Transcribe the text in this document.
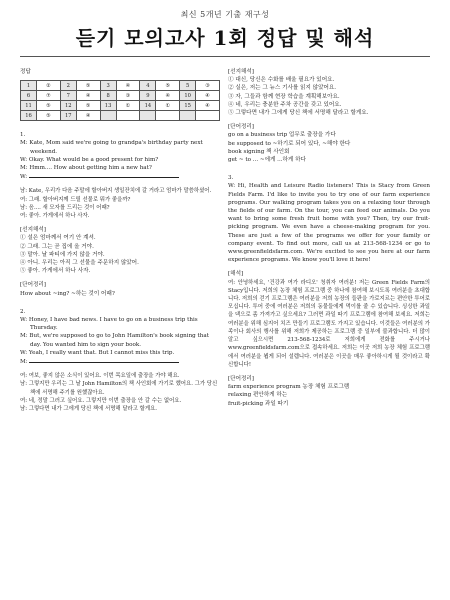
최신 5개년 기출 재구성
듣기 모의고사 1회 정답 및 해석
정답
1	②	2	⑤	3	④	4	⑤	5	③
6	⑦	7	④	8	③	9	④	10	④
11	⑤	12	⑤	13	①	14	①	15	④
16	⑤	17	④						
1.
M: Kate, Mom said we're going to grandpa's birthday party next weekend.
W: Okay. What would be a good present for him?
M: Hmm.... How about getting him a new hat?
W:
남: Kate, 우리가 다음 주말에 할아버지 생일잔치에 갈 거라고 엄마가 말씀하셨어.
여: 그래. 할아버지께 드릴 선물로 뭐가 좋을까?
남: 음.... 새 모자를 드리는 것이 어때?
여: 좋아. 가게에서 하나 사자.
[선지해석]
① 설은 엄마께서 여기 안 계셔.
② 그래. 그는 곧 집에 올 거야.
③ 말아. 날 파티에 가지 않을 거야.
④ 아니. 우리는 아직 그 선물을 주문하지 않았어.
⑤ 좋아. 가게에서 하나 사자.
[단어정리]
How about ~ing? ~하는 것이 어때?
2.
W: Honey, I have bad news. I have to go on a business trip this Thursday.
M: But, we're supposed to go to John Hamilton's book signing that day. You wanted him to sign your book.
W: Yeah, I really want that. But I cannot miss this trip.
M:
여: 여보, 좋지 않은 소식이 있어요. 이번 목요일에 출장을 가야 해요.
남: 그렇지만 우리는 그 날 John Hamilton의 책 사인회에 가기로 했어요. 그가 당신 책에 서명해 주기를 원했잖아요.
여: 네, 정말 그러고 싶어요. 그렇지만 이번 출장을 안 갈 수는 없어요.
남: 그렇다면 내가 그에게 당신 책에 서명해 달라고 할게요.
[선지해석]
① 대신, 당신은 수화를 배울 필요가 있어요.
② 실은, 저는 그 뉴스 기사를 읽지 않았어요.
③ 자, 그들과 함께 현장 학습을 계획해보아요.
④ 네, 우리는 충분한 주차 공간을 갖고 있어요.
⑤ 그렇다면 내가 그에게 당신 책에 서명해 달라고 할게요.
[단어정리]
go on a business trip 업무로 출장을 가다
be supposed to ~하기로 되어 있다, ~해야 한다
book signing 책 사인회
get ~ to ... ~에게 ...하게 하다
3.
W: Hi, Health and Leisure Radio listeners! This is Stacy from Green Fields Farm. I'd like to invite you to try one of our farm experience programs. Our walking program takes you on a relaxing tour through the fields of our farm. On the tour, you can feed our animals. Do you want to bring some fresh fruit home with you? Then, try our fruit-picking program. We even have a cheese-making program for you. These are just a few of the programs we offer for your family or company event. To find out more, call us at 213-568-1234 or go to www.greenfieldsfarm.com. We're excited to see you here at our farm experience programs. We know you'll love it here!
[해석]
여: 안녕하세요, '건강과 여가 라디오' 청취자 여러분! 저는 Green Fields Farm의 Stacy입니다. 저희의 농장 체험 프로그램 중 하나에 참여해 보시도록 여러분을 초대합니다. 저희의 걷기 프로그램은 여러분을 저희 농장의 들판을 가로지르는 편안한 투어로 모십니다. 투어 중에 여러분은 저희의 동물들에게 먹이를 줄 수 있습니다. 싱싱한 과일을 댁으로 좀 가져가고 싶으세요? 그러면 과일 따기 프로그램에 참여해 보세요. 저희는 여러분을 위해 심지어 치즈 만들기 프로그램도 가지고 있습니다. 이것들은 여러분의 가족이나 회사의 행사를 위해 저희가 제공하는 프로그램 중 일부에 불과합니다. 더 많이 알고 싶으시면 213-568-1234로 저희에게 전화를 주시거나 www.greenfieldsfarm.com으로 접속하세요. 저희는 이곳 저희 농장 체험 프로그램에서 여러분을 뵙게 되어 설렙니다. 여러분은 이곳을 매우 좋아하시게 될 것이라고 확신합니다!
[단어정리]
farm experience program 농장 체험 프로그램
relaxing 편안하게 하는
fruit-picking 과일 따기
